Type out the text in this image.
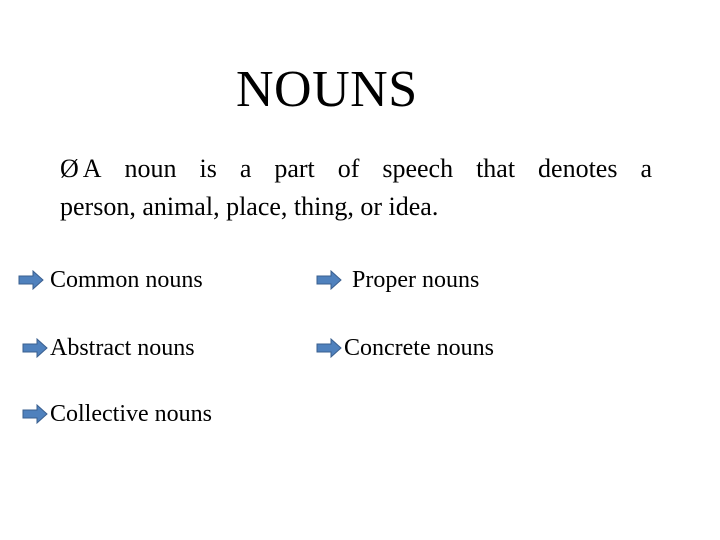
NOUNS
Ø A noun is a part of speech that denotes a
person, animal, place, thing, or idea.
Common nouns	Proper nouns
Abstract nouns	Concrete nouns
Collective nouns
